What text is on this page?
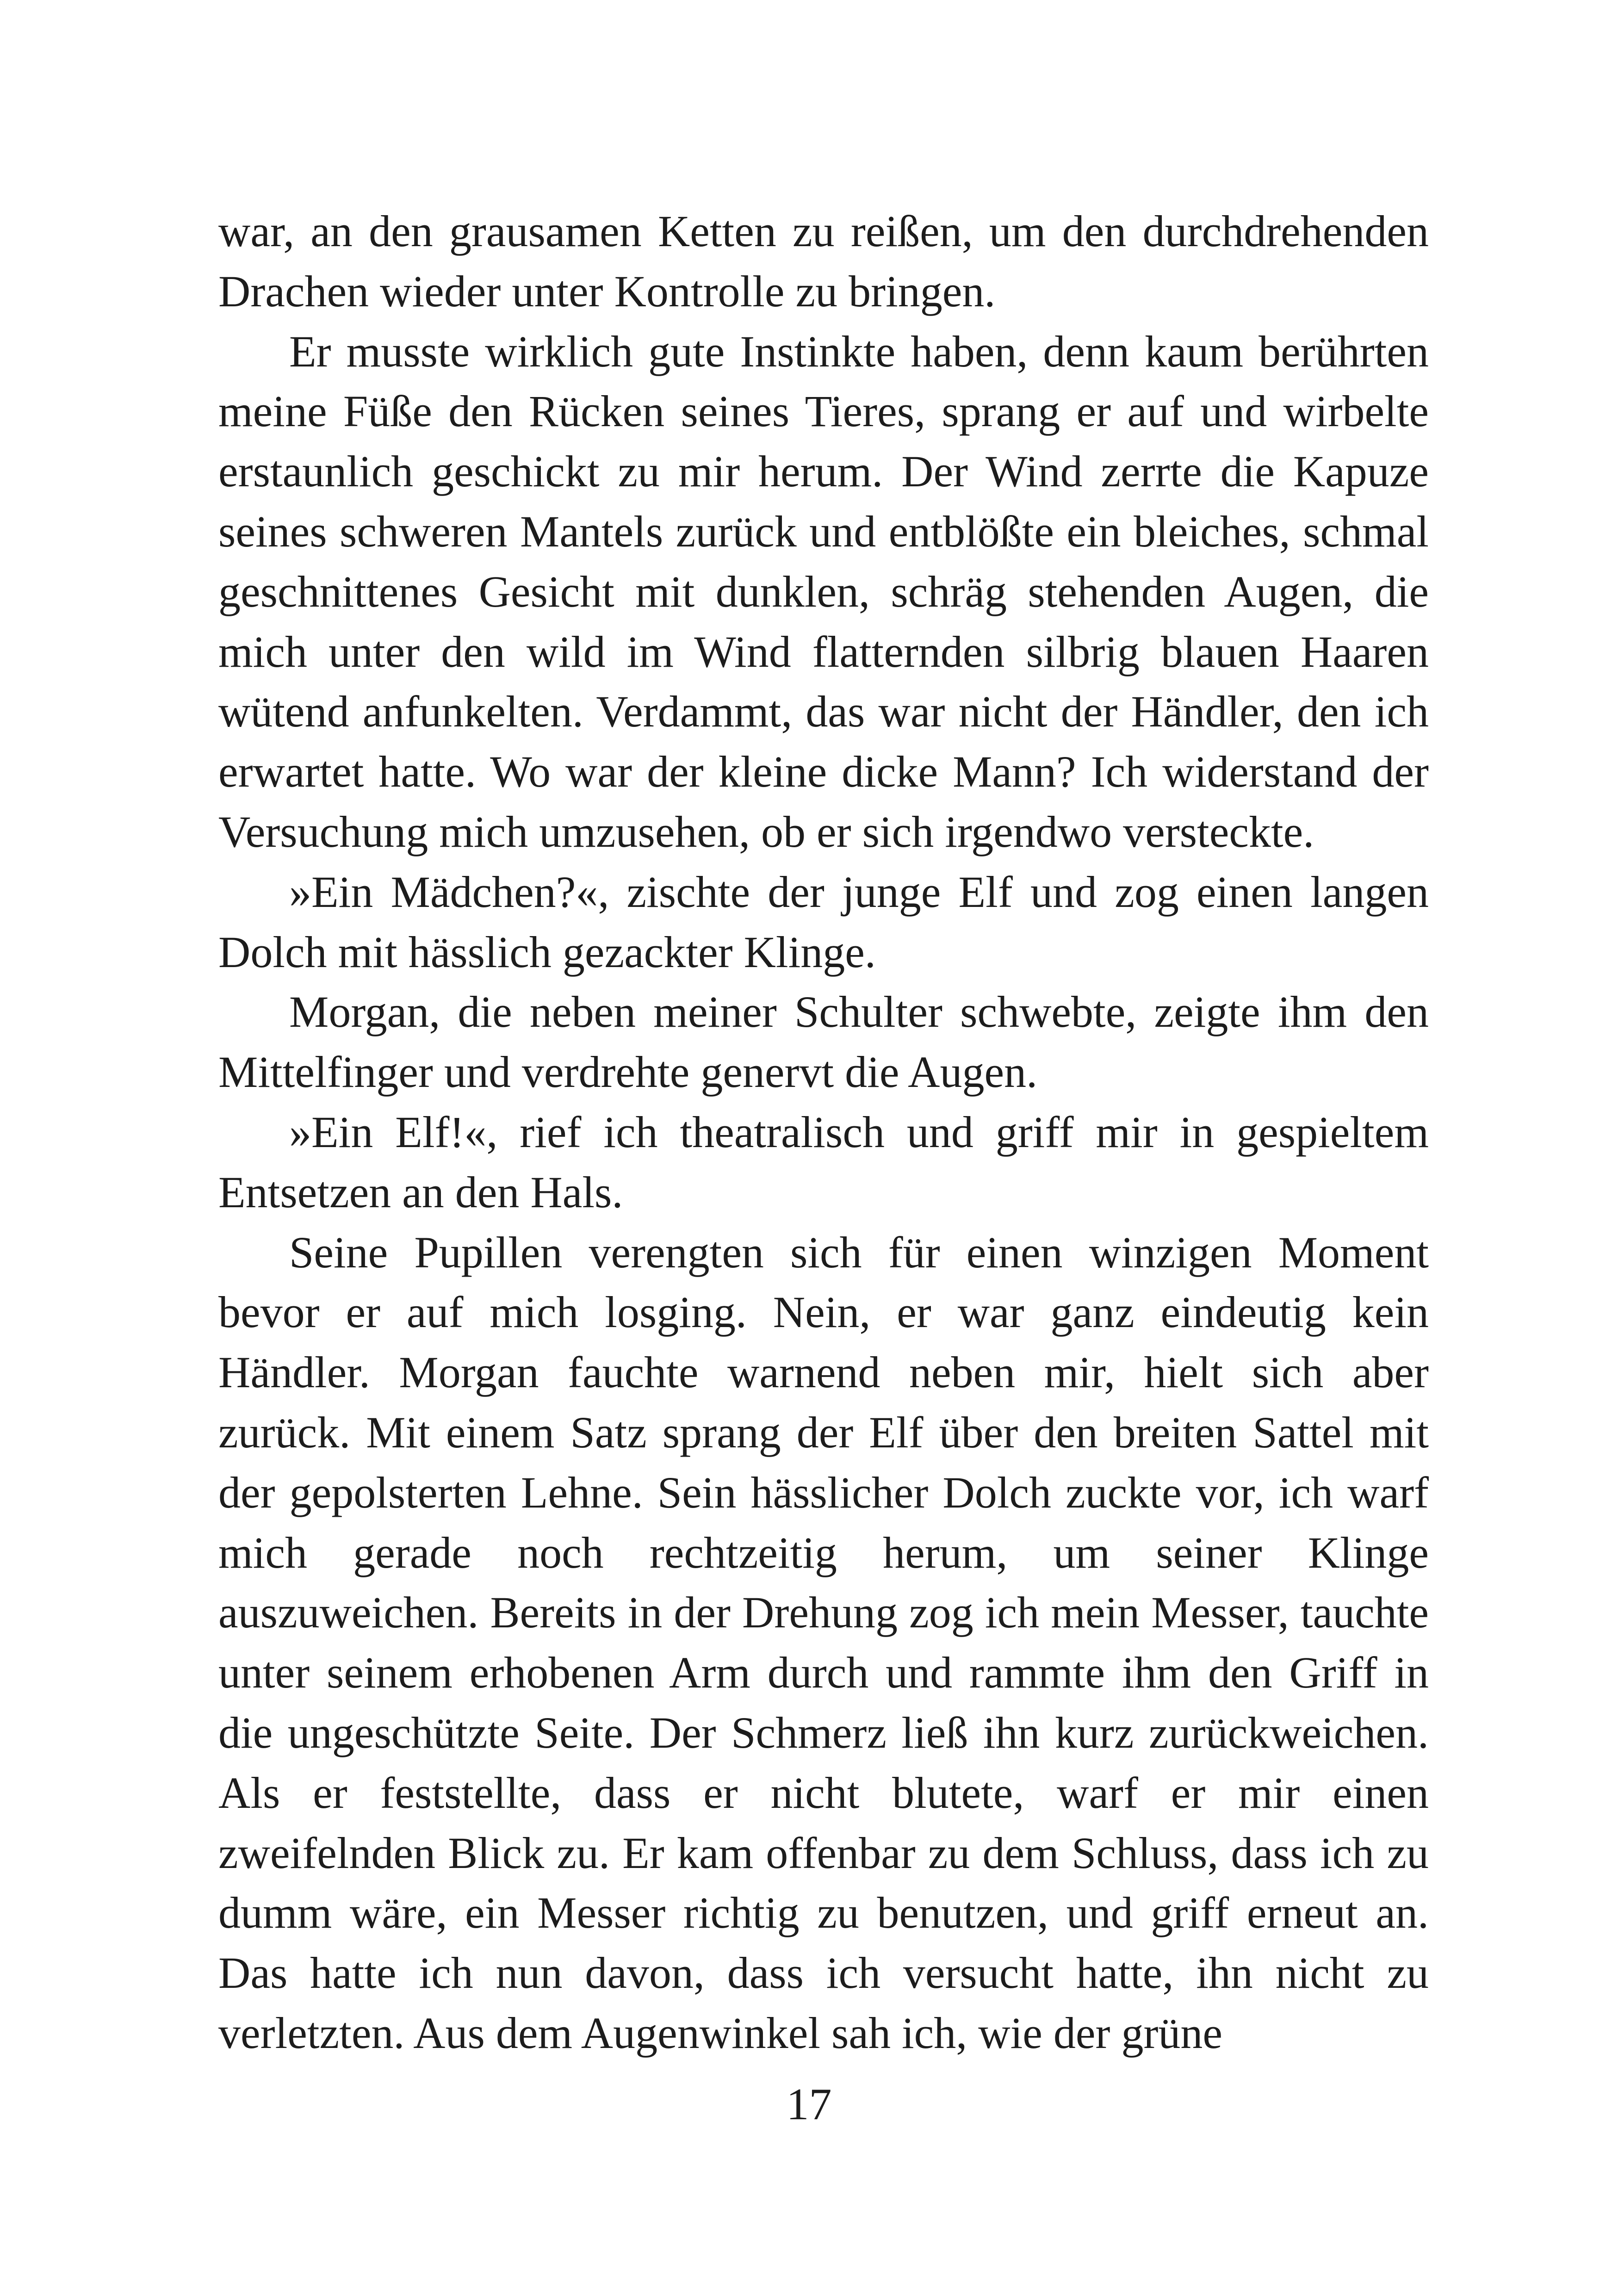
war, an den grausamen Ketten zu reißen, um den durchdrehenden Drachen wieder unter Kontrolle zu bringen.

Er musste wirklich gute Instinkte haben, denn kaum berührten meine Füße den Rücken seines Tieres, sprang er auf und wirbelte erstaunlich geschickt zu mir herum. Der Wind zerrte die Kapuze seines schweren Mantels zurück und entblößte ein bleiches, schmal geschnittenes Gesicht mit dunklen, schräg stehenden Augen, die mich unter den wild im Wind flatternden silbrig blauen Haaren wütend anfunkelten. Verdammt, das war nicht der Händler, den ich erwartet hatte. Wo war der kleine dicke Mann? Ich widerstand der Versuchung mich umzusehen, ob er sich irgendwo versteckte.

»Ein Mädchen?«, zischte der junge Elf und zog einen langen Dolch mit hässlich gezackter Klinge.

Morgan, die neben meiner Schulter schwebte, zeigte ihm den Mittelfinger und verdrehte genervt die Augen.

»Ein Elf!«, rief ich theatralisch und griff mir in gespieltem Entsetzen an den Hals.

Seine Pupillen verengten sich für einen winzigen Moment bevor er auf mich losging. Nein, er war ganz eindeutig kein Händler. Morgan fauchte warnend neben mir, hielt sich aber zurück. Mit einem Satz sprang der Elf über den breiten Sattel mit der gepolsterten Lehne. Sein hässlicher Dolch zuckte vor, ich warf mich gerade noch rechtzeitig herum, um seiner Klinge auszuweichen. Bereits in der Drehung zog ich mein Messer, tauchte unter seinem erhobenen Arm durch und rammte ihm den Griff in die ungeschützte Seite. Der Schmerz ließ ihn kurz zurückweichen. Als er feststellte, dass er nicht blutete, warf er mir einen zweifelnden Blick zu. Er kam offenbar zu dem Schluss, dass ich zu dumm wäre, ein Messer richtig zu benutzen, und griff erneut an. Das hatte ich nun davon, dass ich versucht hatte, ihn nicht zu verletzten. Aus dem Augenwinkel sah ich, wie der grüne

17
